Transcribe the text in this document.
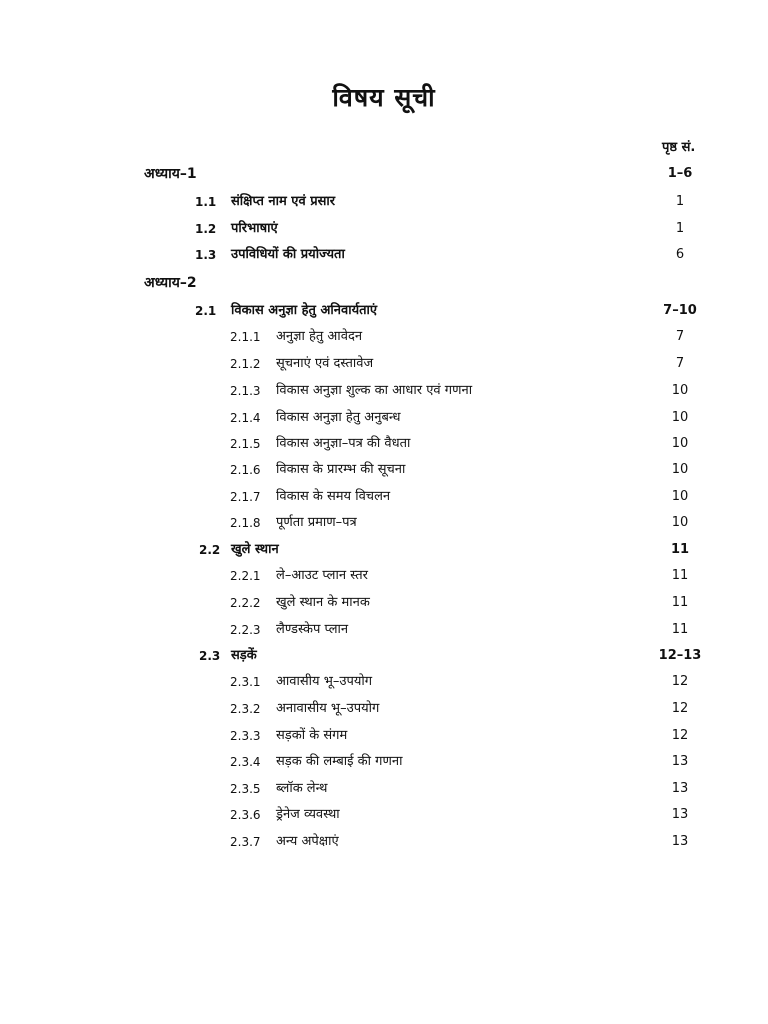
विषय सूची
पृष्ठ सं.
अध्याय–1	1–6
1.1 संक्षिप्त नाम एवं प्रसार	1
1.2 परिभाषाएं	1
1.3 उपविधियों की प्रयोज्यता	6
अध्याय–2
2.1 विकास अनुज्ञा हेतु अनिवार्यताएं	7–10
2.1.1 अनुज्ञा हेतु आवेदन	7
2.1.2 सूचनाएं एवं दस्तावेज	7
2.1.3 विकास अनुज्ञा शुल्क का आधार एवं गणना	10
2.1.4 विकास अनुज्ञा हेतु अनुबन्ध	10
2.1.5 विकास अनुज्ञा–पत्र की वैधता	10
2.1.6 विकास के प्रारम्भ की सूचना	10
2.1.7 विकास के समय विचलन	10
2.1.8 पूर्णता प्रमाण–पत्र	10
2.2 खुले स्थान	11
2.2.1 ले–आउट प्लान स्तर	11
2.2.2 खुले स्थान के मानक	11
2.2.3 लैण्डस्केप प्लान	11
2.3 सड़कें	12–13
2.3.1 आवासीय भू–उपयोग	12
2.3.2 अनावासीय भू–उपयोग	12
2.3.3 सड़कों के संगम	12
2.3.4 सड़क की लम्बाई की गणना	13
2.3.5 ब्लॉक लेन्थ	13
2.3.6 ड्रेनेज व्यवस्था	13
2.3.7 अन्य अपेक्षाएं	13
